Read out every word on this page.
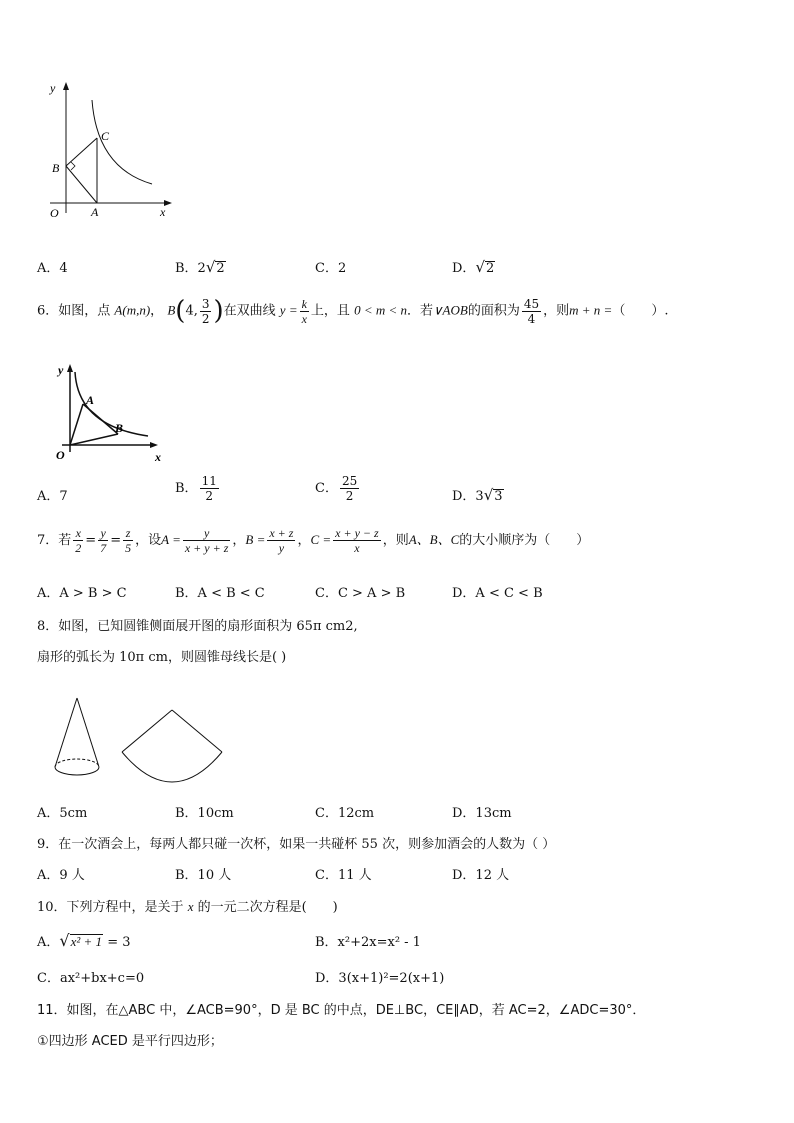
y
x
O	A
B
C
A．4	B．2√2	C．2	D．√2
6．如图，点 A(m,n)， B(4, $\frac{3}{2}$ )在双曲线 $y = \frac{k}{x}$ 上，且 0 < m < n．若∨AOB的面积为 $\frac{45}{4}$ ，则m + n =（　　）.
y
x
O
A
B
A．7
B． $\frac{11}{2}$	C． $\frac{25}{2}$	D．3√3
7．若 $\frac{x}{2} = \frac{y}{7} = \frac{z}{5}$ ，设$A = \frac{y}{x + y + z}$ ，$B = \frac{x + z}{y}$ ，$C = \frac{x + y - z}{x}$ ，则A、B、C的大小顺序为（　　）
A．A > B > C	B．A < B < C	C．C > A > B	D．A < C < B
8．如图，已知圆锥侧面展开图的扇形面积为 65π cm2,
扇形的弧长为 10π cm，则圆锥母线长是( )
A．5cm	B．10cm	C．12cm	D．13cm
9．在一次酒会上，每两人都只碰一次杯，如果一共碰杯 55 次，则参加酒会的人数为（ ）
A．9 人	B．10 人	C．11 人	D．12 人
10．下列方程中，是关于 x 的一元二次方程是(　　)
A．√x² + 1 = 3	B．x²+2x=x² - 1
C．ax²+bx+c=0	D．3(x+1)²=2(x+1)
11．如图，在△ABC 中，∠ACB=90°，D 是 BC 的中点，DE⊥BC，CE∥AD，若 AC=2，∠ADC=30°．
①四边形 ACED 是平行四边形；
